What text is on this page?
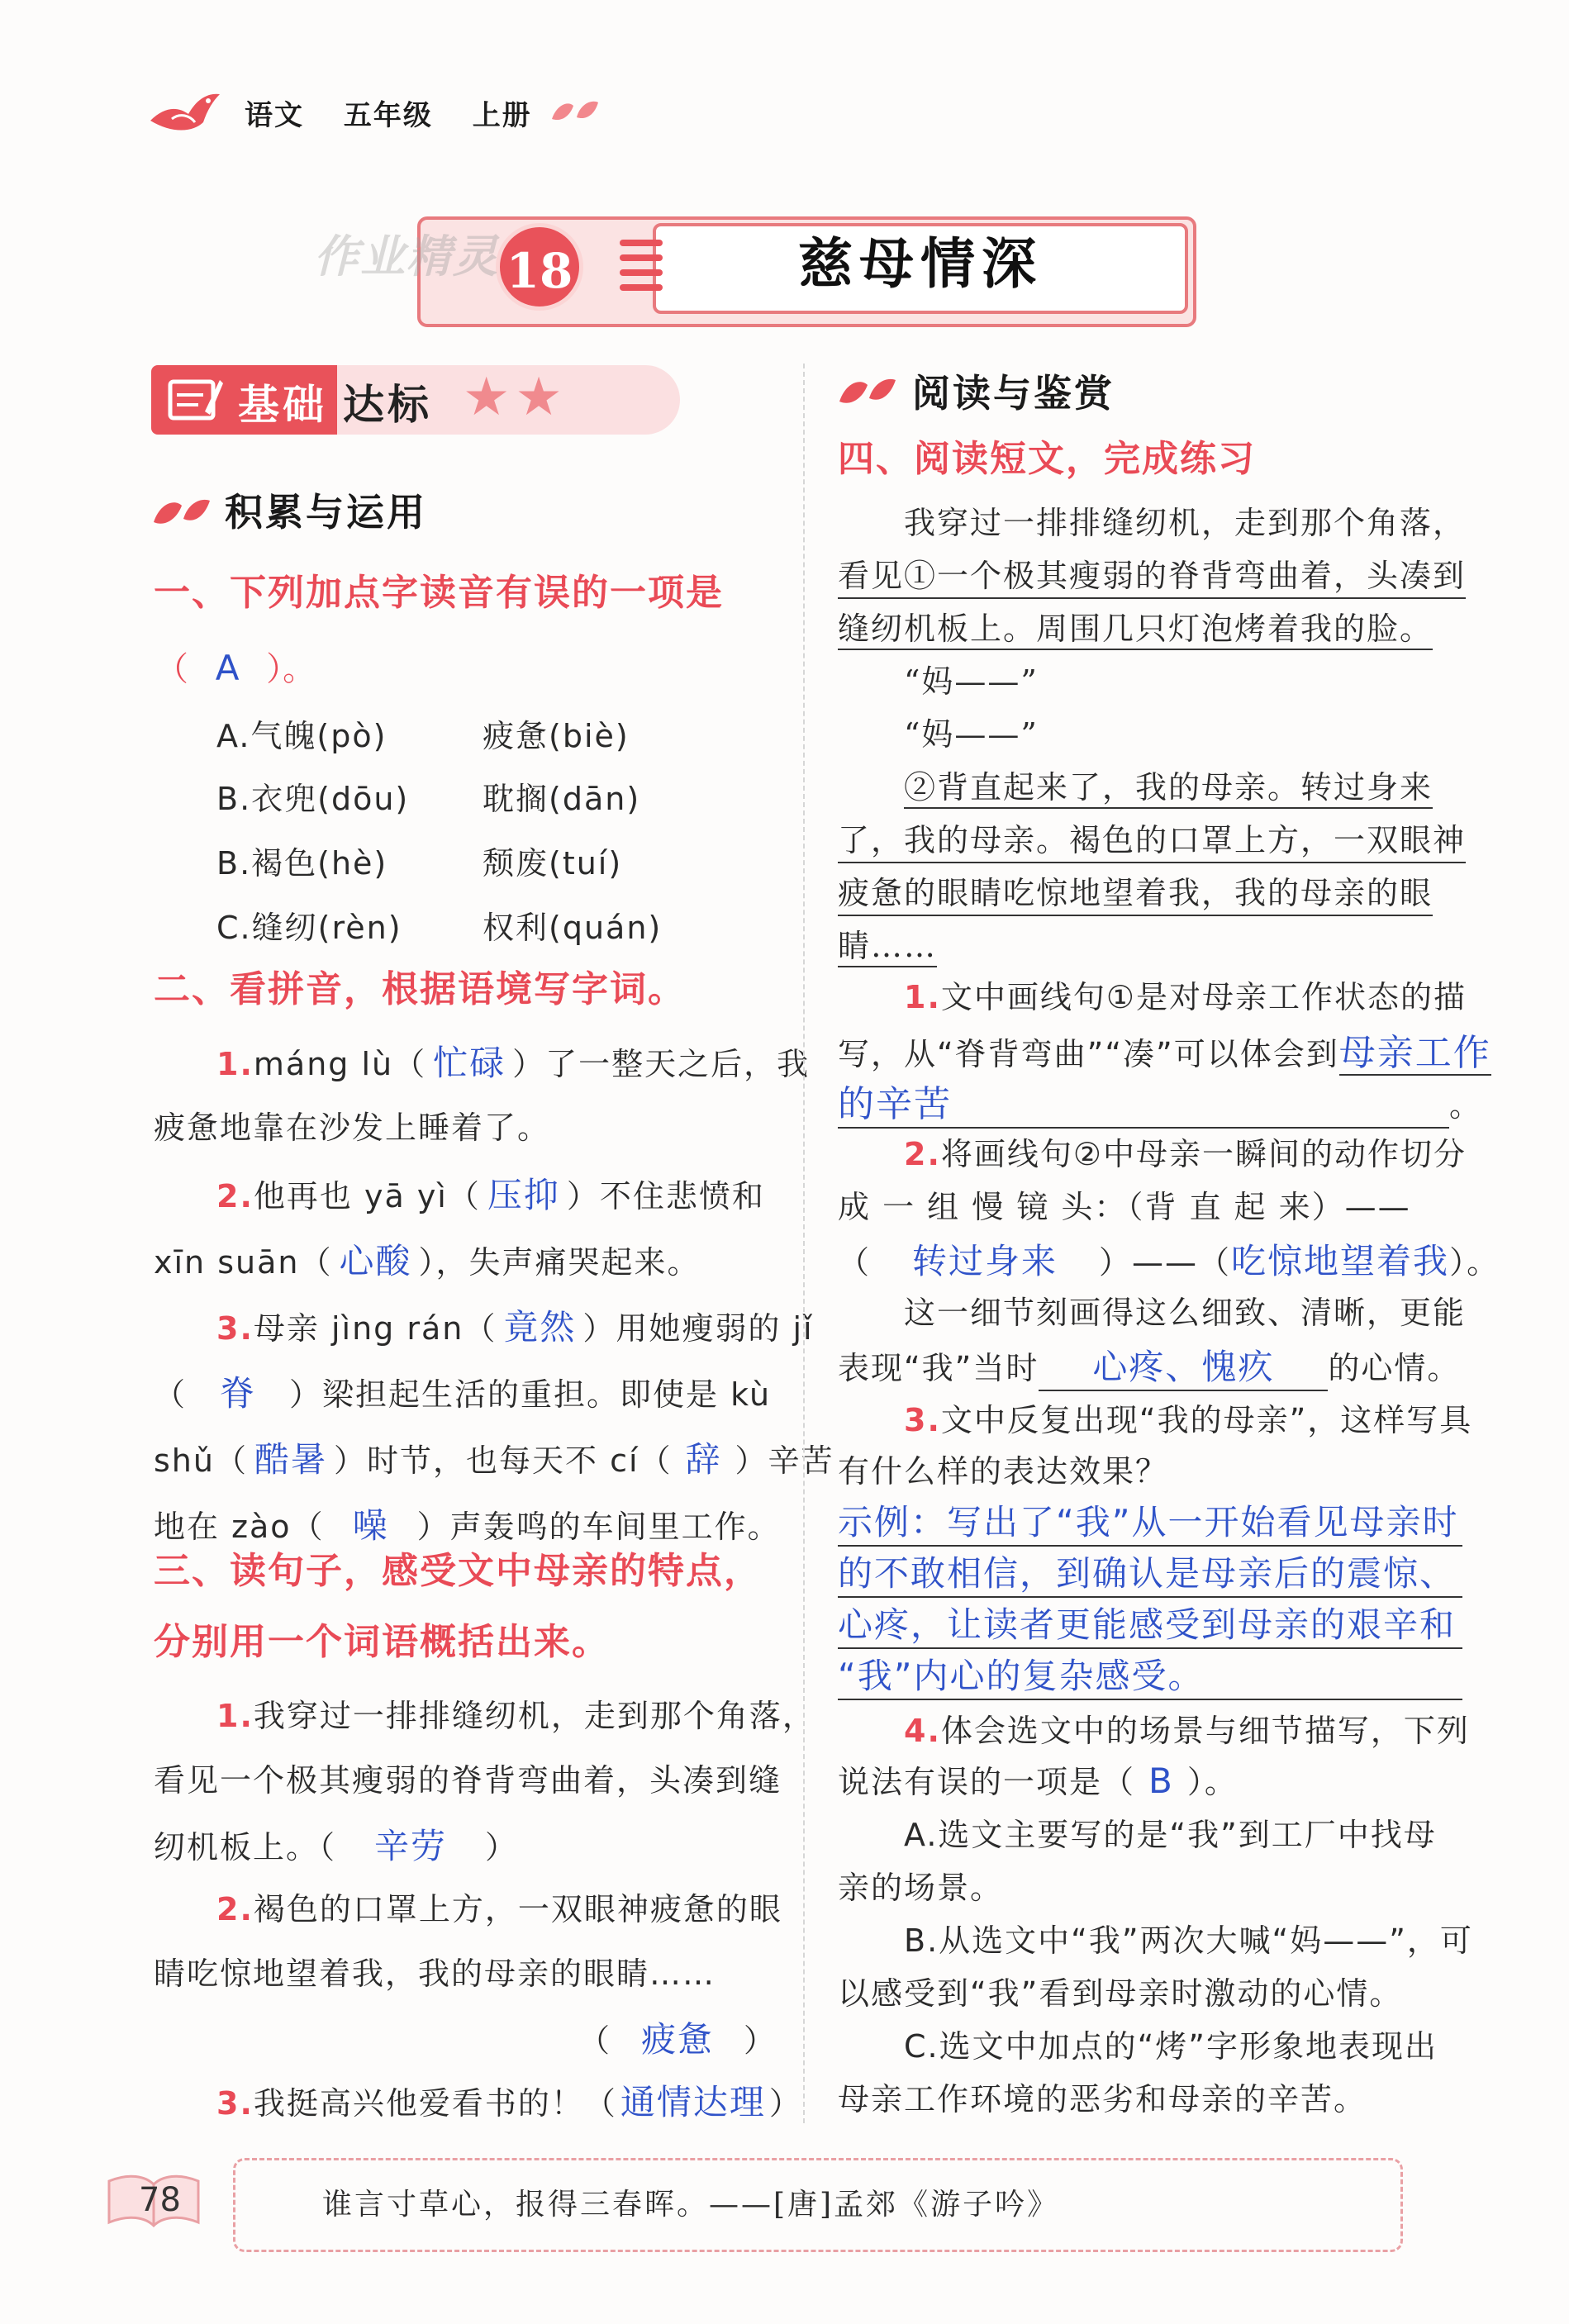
语文 五年级 上册
18	慈母情深
作业精灵
基础 达标 ★★
积累与运用
一、下列加点字读音有误的一项是
（ A ）。
A.气魄(pò)	疲惫(biè)
B.衣兜(dōu) 耽搁(dān)
B.褐色(hè)	颓废(tuí)
C.缝纫(rèn)	权利(quán)
二、看拼音，根据语境写字词。
1.máng lù（ 忙碌 ）了一整天之后，我
疲惫地靠在沙发上睡着了。
2.他再也 yā yì（ 压抑 ）不住悲愤和
xīn suān（ 心酸 ），失声痛哭起来。
3.母亲 jìng rán（ 竟然 ）用她瘦弱的 jǐ
（ 脊 ）梁担起生活的重担。即使是 kù
shǔ（ 酷暑 ）时节，也每天不 cí（ 辞 ）辛苦
地在 zào（ 噪 ）声轰鸣的车间里工作。
三、读句子，感受文中母亲的特点，
分别用一个词语概括出来。
1.我穿过一排排缝纫机，走到那个角落，
看见一个极其瘦弱的脊背弯曲着，头凑到缝
纫机板上。（ 辛劳 ）
2.褐色的口罩上方，一双眼神疲惫的眼
睛吃惊地望着我，我的母亲的眼睛……
（ 疲惫 ）
3.我挺高兴他爱看书的！（通情达理 ）
阅读与鉴赏
四、阅读短文，完成练习
我穿过一排排缝纫机，走到那个角落，
看见①一个极其瘦弱的脊背弯曲着，头凑到
缝纫机板上。周围几只灯泡烤着我的脸。
“妈——”
“妈——”
②背直起来了，我的母亲。转过身来
了，我的母亲。褐色的口罩上方，一双眼神
疲惫的眼睛吃惊地望着我，我的母亲的眼
睛……
1.文中画线句①是对母亲工作状态的描
写，从“脊背弯曲”“凑”可以体会到母亲工作
的辛苦	。
2.将画线句②中母亲一瞬间的动作切分
成 一 组 慢 镜 头：（背 直 起 来）——
（ 转过身来 ）——（吃惊地望着我）。
这一细节刻画得这么细致、清晰，更能
表现“我”当时 心疼、愧疚 的心情。
3.文中反复出现“我的母亲”，这样写具
有什么样的表达效果？
示例：写出了“我”从一开始看见母亲时
的不敢相信，到确认是母亲后的震惊、
心疼，让读者更能感受到母亲的艰辛和
“我”内心的复杂感受。
4.体会选文中的场景与细节描写，下列
说法有误的一项是（ B ）。
A.选文主要写的是“我”到工厂中找母
亲的场景。
B.从选文中“我”两次大喊“妈——”，可
以感受到“我”看到母亲时激动的心情。
C.选文中加点的“烤”字形象地表现出
母亲工作环境的恶劣和母亲的辛苦。
78	谁言寸草心，报得三春晖。——[唐]孟郊《游子吟》
